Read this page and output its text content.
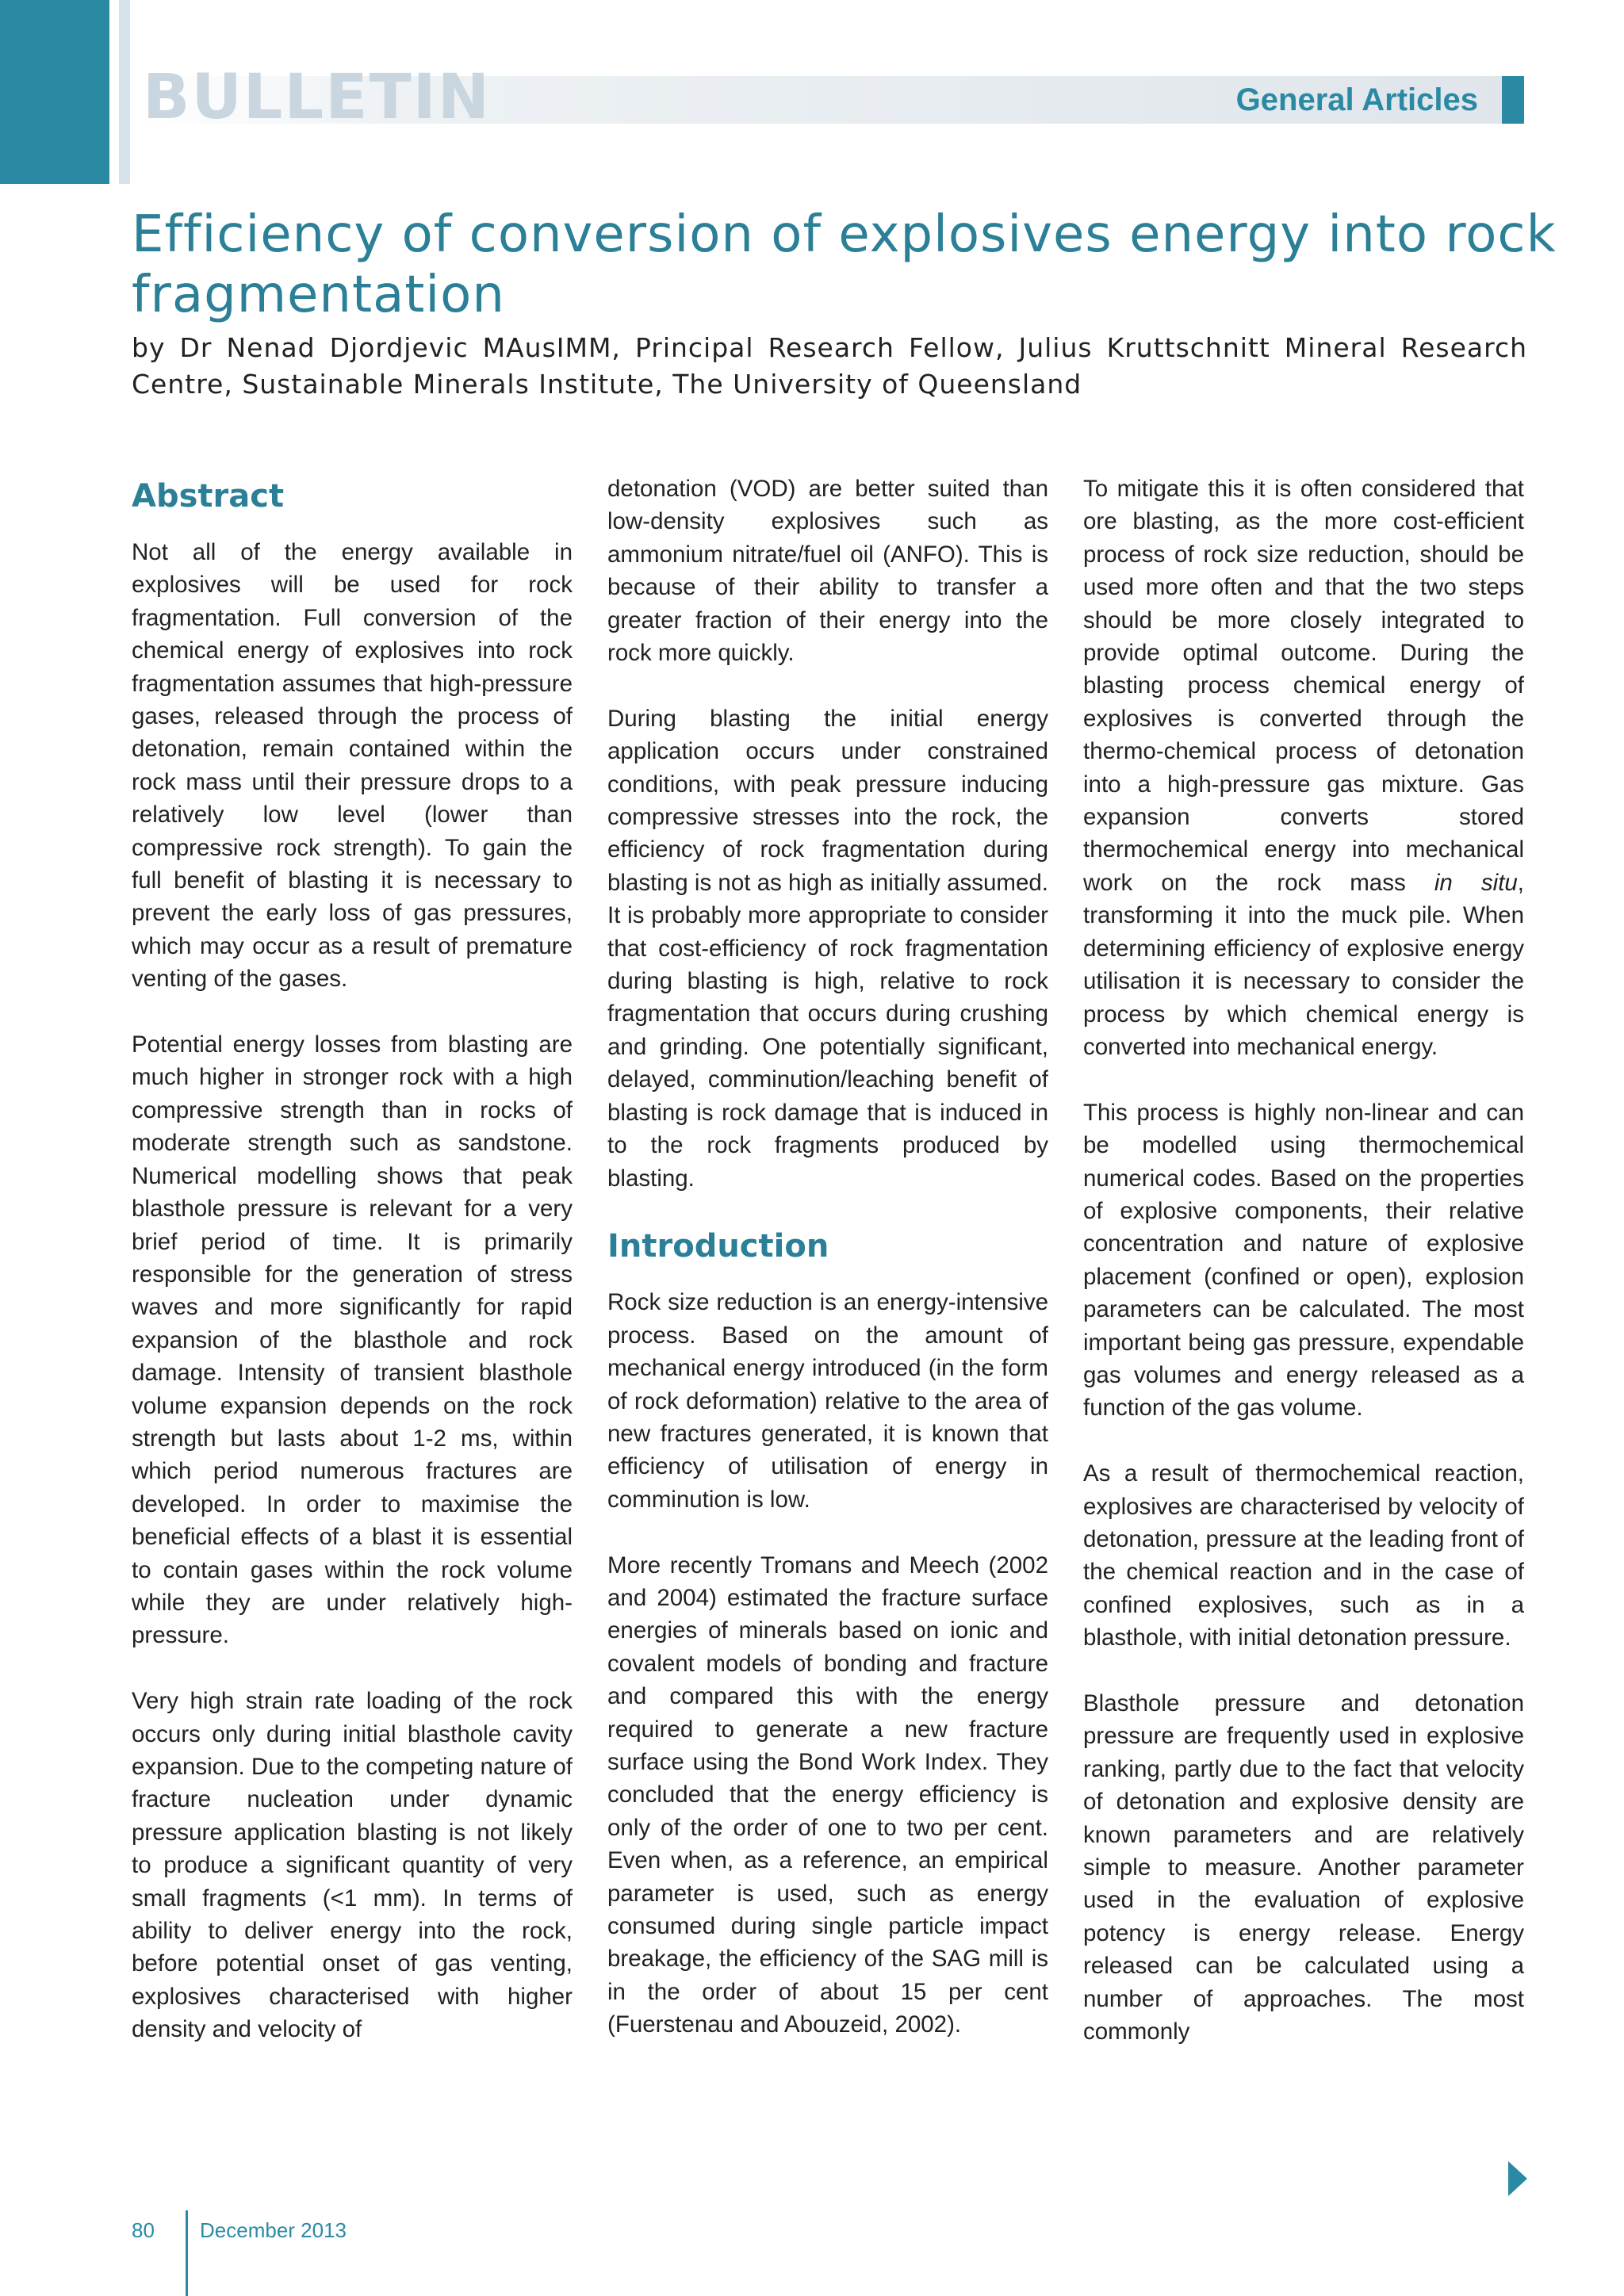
BULLETIN	General Articles
Efficiency of conversion of explosives energy into rock fragmentation
by Dr Nenad Djordjevic MAusIMM, Principal Research Fellow, Julius Kruttschnitt Mineral Research Centre, Sustainable Minerals Institute, The University of Queensland
Abstract

Not all of the energy available in explosives will be used for rock fragmentation. Full conversion of the chemical energy of explosives into rock fragmentation assumes that high-pressure gases, released through the process of detonation, remain contained within the rock mass until their pressure drops to a relatively low level (lower than compressive rock strength). To gain the full benefit of blasting it is necessary to prevent the early loss of gas pressures, which may occur as a result of premature venting of the gases.

Potential energy losses from blasting are much higher in stronger rock with a high compressive strength than in rocks of moderate strength such as sandstone. Numerical modelling shows that peak blasthole pressure is relevant for a very brief period of time. It is primarily responsible for the generation of stress waves and more significantly for rapid expansion of the blasthole and rock damage. Intensity of transient blasthole volume expansion depends on the rock strength but lasts about 1-2 ms, within which period numerous fractures are developed. In order to maximise the beneficial effects of a blast it is essential to contain gases within the rock volume while they are under relatively high-pressure.

Very high strain rate loading of the rock occurs only during initial blasthole cavity expansion. Due to the competing nature of fracture nucleation under dynamic pressure application blasting is not likely to produce a significant quantity of very small fragments (<1 mm). In terms of ability to deliver energy into the rock, before potential onset of gas venting, explosives characterised with higher density and velocity of

detonation (VOD) are better suited than low-density explosives such as ammonium nitrate/fuel oil (ANFO). This is because of their ability to transfer a greater fraction of their energy into the rock more quickly.

During blasting the initial energy application occurs under constrained conditions, with peak pressure inducing compressive stresses into the rock, the efficiency of rock fragmentation during blasting is not as high as initially assumed. It is probably more appropriate to consider that cost-efficiency of rock fragmentation during blasting is high, relative to rock fragmentation that occurs during crushing and grinding. One potentially significant, delayed, comminution/leaching benefit of blasting is rock damage that is induced in to the rock fragments produced by blasting.

Introduction

Rock size reduction is an energy-intensive process. Based on the amount of mechanical energy introduced (in the form of rock deformation) relative to the area of new fractures generated, it is known that efficiency of utilisation of energy in comminution is low.

More recently Tromans and Meech (2002 and 2004) estimated the fracture surface energies of minerals based on ionic and covalent models of bonding and fracture and compared this with the energy required to generate a new fracture surface using the Bond Work Index. They concluded that the energy efficiency is only of the order of one to two per cent. Even when, as a reference, an empirical parameter is used, such as energy consumed during single particle impact breakage, the efficiency of the SAG mill is in the order of about 15 per cent (Fuerstenau and Abouzeid, 2002).

To mitigate this it is often considered that ore blasting, as the more cost-efficient process of rock size reduction, should be used more often and that the two steps should be more closely integrated to provide optimal outcome. During the blasting process chemical energy of explosives is converted through the thermo-chemical process of detonation into a high-pressure gas mixture. Gas expansion converts stored thermochemical energy into mechanical work on the rock mass in situ, transforming it into the muck pile. When determining efficiency of explosive energy utilisation it is necessary to consider the process by which chemical energy is converted into mechanical energy.

This process is highly non-linear and can be modelled using thermochemical numerical codes. Based on the properties of explosive components, their relative concentration and nature of explosive placement (confined or open), explosion parameters can be calculated. The most important being gas pressure, expendable gas volumes and energy released as a function of the gas volume.

As a result of thermochemical reaction, explosives are characterised by velocity of detonation, pressure at the leading front of the chemical reaction and in the case of confined explosives, such as in a blasthole, with initial detonation pressure.

Blasthole pressure and detonation pressure are frequently used in explosive ranking, partly due to the fact that velocity of detonation and explosive density are known parameters and are relatively simple to measure. Another parameter used in the evaluation of explosive potency is energy release. Energy released can be calculated using a number of approaches. The most commonly

80 December 2013
